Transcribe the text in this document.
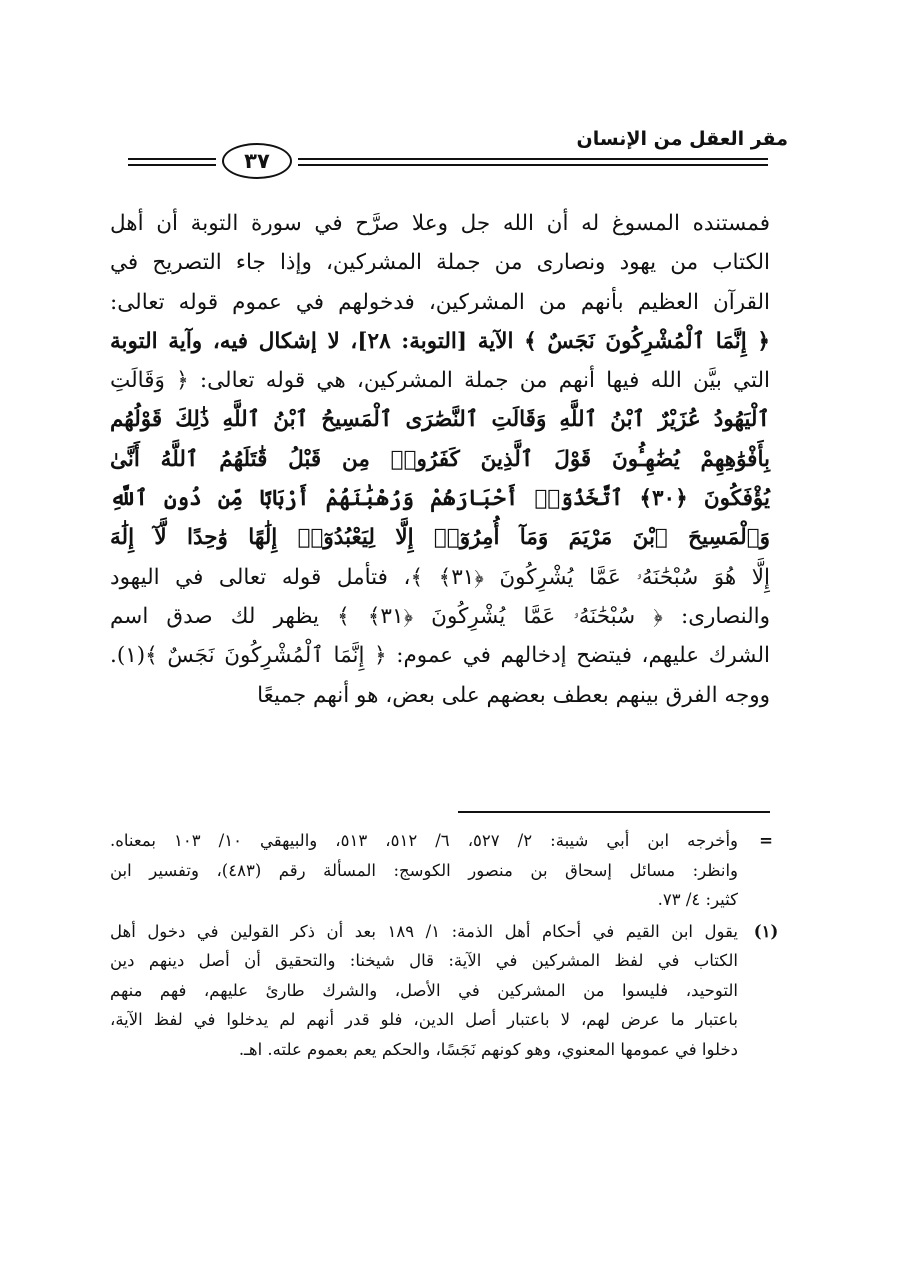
مقر العقل من الإنسان
٣٧
فمستنده المسوغ له أن الله جل وعلا صرَّح في سورة التوبة أن أهل
الكتاب من يهود ونصارى من جملة المشركين، وإذا جاء التصريح في
القرآن العظيم بأنهم من المشركين، فدخولهم في عموم قوله تعالى:
﴿ إِنَّمَا ٱلْمُشْرِكُونَ نَجَسٌ ﴾ الآية [التوبة: ٢٨]، لا إشكال فيه، وآية التوبة
التي بيَّن الله فيها أنهم من جملة المشركين، هي قوله تعالى: ﴿ وَقَالَتِ
ٱلْيَهُودُ عُزَيْرٌ ٱبْنُ ٱللَّهِ وَقَالَتِ ٱلنَّصَٰرَى ٱلْمَسِيحُ ٱبْنُ ٱللَّهِ ذَٰلِكَ قَوْلُهُم
بِأَفْوَٰهِهِمْ يُضَٰهِـُٔونَ قَوْلَ ٱلَّذِينَ كَفَرُوا۟ مِن قَبْلُ قَٰتَلَهُمُ ٱللَّهُ أَنَّىٰ
يُؤْفَكُونَ ﴿٣٠﴾ ٱتَّخَذُوٓا۟ أَحْبَارَهُمْ وَرُهْبَٰنَهُمْ أَرْبَابًا مِّن دُونِ ٱللَّهِ
وَٱلْمَسِيحَ ٱبْنَ مَرْيَمَ وَمَآ أُمِرُوٓا۟ إِلَّا لِيَعْبُدُوٓا۟ إِلَٰهًا وَٰحِدًا لَّآ إِلَٰهَ
إِلَّا هُوَ سُبْحَٰنَهُۥ عَمَّا يُشْرِكُونَ ﴿٣١﴾ ﴾، فتأمل قوله تعالى في اليهود
والنصارى: ﴿ سُبْحَٰنَهُۥ عَمَّا يُشْرِكُونَ ﴿٣١﴾ ﴾ يظهر لك صدق اسم
الشرك عليهم، فيتضح إدخالهم في عموم: ﴿ إِنَّمَا ٱلْمُشْرِكُونَ نَجَسٌ ﴾(١).
ووجه الفرق بينهم بعطف بعضهم على بعض، هو أنهم جميعًا
=
وأخرجه ابن أبي شيبة: ٢/ ٥٢٧، ٦/ ٥١٢، ٥١٣، والبيهقي ١٠/ ١٠٣ بمعناه.
وانظر: مسائل إسحاق بن منصور الكوسج: المسألة رقم (٤٨٣)، وتفسير ابن
كثير: ٤/ ٧٣.
(١)
يقول ابن القيم في أحكام أهل الذمة: ١/ ١٨٩ بعد أن ذكر القولين في دخول أهل
الكتاب في لفظ المشركين في الآية: قال شيخنا: والتحقيق أن أصل دينهم دين
التوحيد، فليسوا من المشركين في الأصل، والشرك طارئ عليهم، فهم منهم
باعتبار ما عرض لهم، لا باعتبار أصل الدين، فلو قدر أنهم لم يدخلوا في لفظ الآية،
دخلوا في عمومها المعنوي، وهو كونهم نَجَسًا، والحكم يعم بعموم علته. اهـ.
